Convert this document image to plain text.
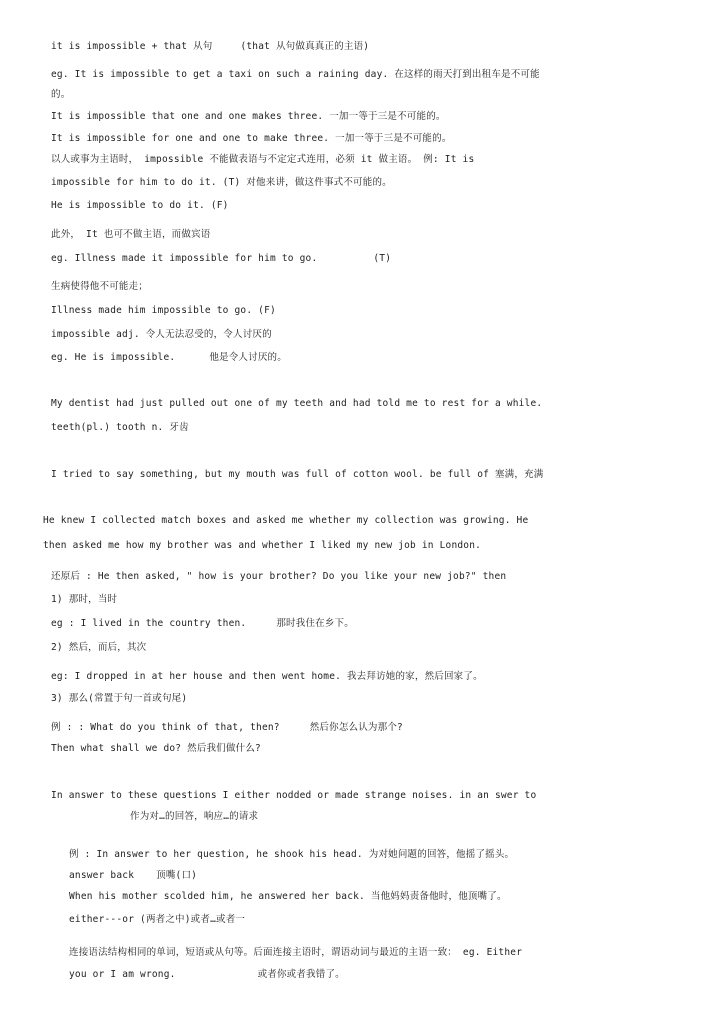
it is impossible + that 从句	(that 从句做真真正的主语)
eg. It is impossible to get a taxi on such a raining day. 在这样的雨天打到出租车是不可能
的。
It is impossible that one and one makes three. 一加一等于三是不可能的。
It is impossible for one and one to make three. 一加一等于三是不可能的。
以人或事为主语时， impossible 不能做表语与不定定式连用，必须 it 做主语。 例: It is
impossible for him to do it. (T) 对他来讲，做这件事式不可能的。
He is impossible to do it. (F)
此外， It 也可不做主语，而做宾语
eg. Illness made it impossible for him to go.	(T)
生病使得他不可能走；
Illness made him impossible to go. (F)
impossible adj. 令人无法忍受的，令人讨厌的
eg. He is impossible.	他是令人讨厌的。
My dentist had just pulled out one of my teeth and had told me to rest for a while.
teeth(pl.) tooth n. 牙齿
I tried to say something, but my mouth was full of cotton wool. be full of 塞满，充满
He knew I collected match boxes and asked me whether my collection was growing. He
then asked me how my brother was and whether I liked my new job in London.
还原后 : He then asked, " how is your brother? Do you like your new job?" then
1) 那时，当时
eg : I lived in the country then.	那时我住在乡下。
2) 然后，而后，其次
eg: I dropped in at her house and then went home. 我去拜访她的家，然后回家了。
3) 那么(常置于句一首或句尾)
例 : : What do you think of that, then?	然后你怎么认为那个?
Then what shall we do? 然后我们做什么?
In answer to these questions I either nodded or made strange noises. in an swer to
作为对…的回答，响应…的请求
例 : In answer to her question, he shook his head. 为对她问题的回答，他摇了摇头。
answer back 顶嘴(口)
When his mother scolded him, he answered her back. 当他妈妈责备他时，他顶嘴了。
either---or (两者之中)或者…或者一
连接语法结构相同的单词，短语或从句等。后面连接主语时，谓语动词与最近的主语一致： eg. Either
you or I am wrong.	或者你或者我错了。
